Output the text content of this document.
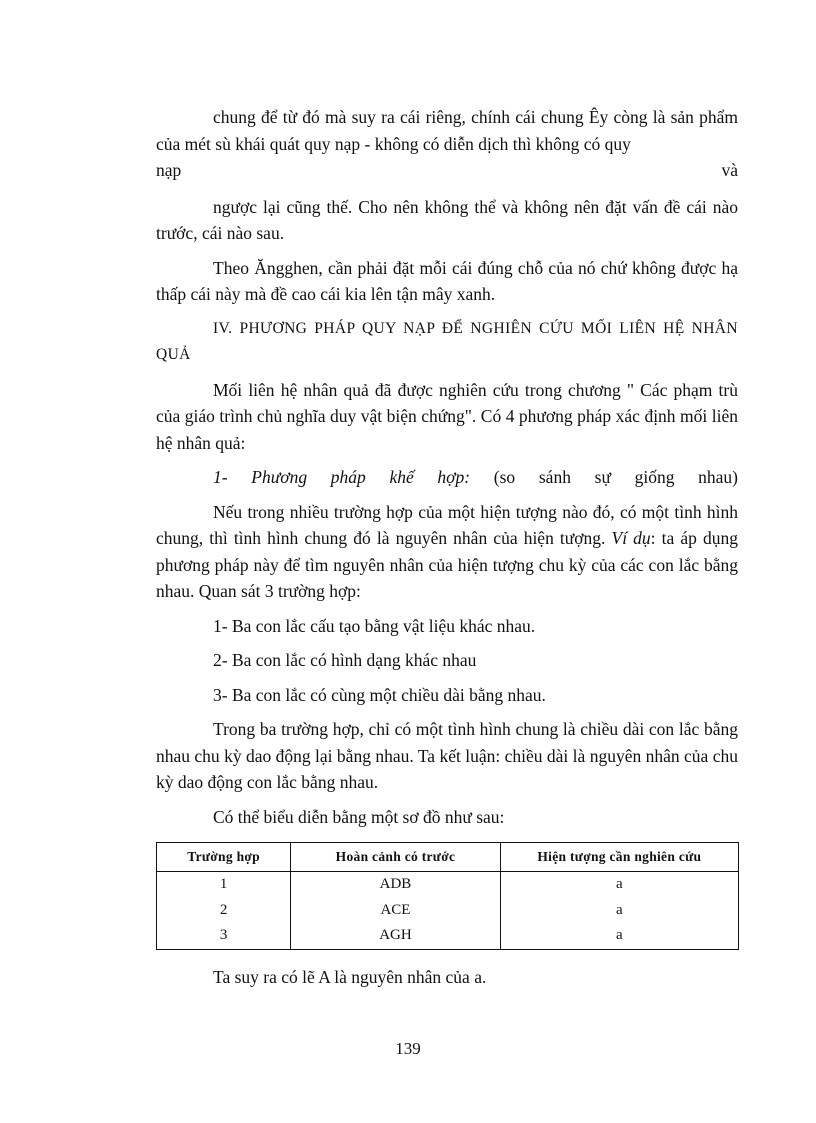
chung để từ đó mà suy ra cái riêng, chính cái chung Êy còng là sản phẩm của mét sù khái quát quy nạp - không có diễn dịch thì không có quy

nạp	và

ngược lại cũng thế. Cho nên không thể và không nên đặt vấn đề cái nào trước, cái nào sau.

Theo Ăngghen, cần phải đặt mỗi cái đúng chỗ của nó chứ không được hạ thấp cái này mà đề cao cái kia lên tận mây xanh.

IV. PHƯƠNG PHÁP QUY NẠP ĐỂ NGHIÊN CỨU MỐI LIÊN HỆ NHÂN QUẢ

Mối liên hệ nhân quả đã được nghiên cứu trong chương " Các phạm trù của giáo trình chủ nghĩa duy vật biện chứng". Có 4 phương pháp xác định mối liên hệ nhân quả:

1- Phương pháp khế hợp: (so sánh sự giống nhau)

Nếu trong nhiều trường hợp của một hiện tượng nào đó, có một tình hình chung, thì tình hình chung đó là nguyên nhân của hiện tượng. Ví dụ: ta áp dụng phương pháp này để tìm nguyên nhân của hiện tượng chu kỳ của các con lắc bằng nhau. Quan sát 3 trường hợp:

1- Ba con lắc cấu tạo bằng vật liệu khác nhau.

2- Ba con lắc có hình dạng khác nhau

3- Ba con lắc có cùng một chiều dài bằng nhau.

Trong ba trường hợp, chỉ có một tình hình chung là chiều dài con lắc bằng nhau chu kỳ dao động lại bằng nhau. Ta kết luận: chiều dài là nguyên nhân của chu kỳ dao động con lắc bằng nhau.

Có thể biểu diễn bằng một sơ đồ như sau:

Trường hợp	Hoàn cảnh có trước	Hiện tượng cần nghiên cứu
1	ADB	a
2	ACE	a
3	AGH	a

Ta suy ra có lẽ A là nguyên nhân của a.

139
